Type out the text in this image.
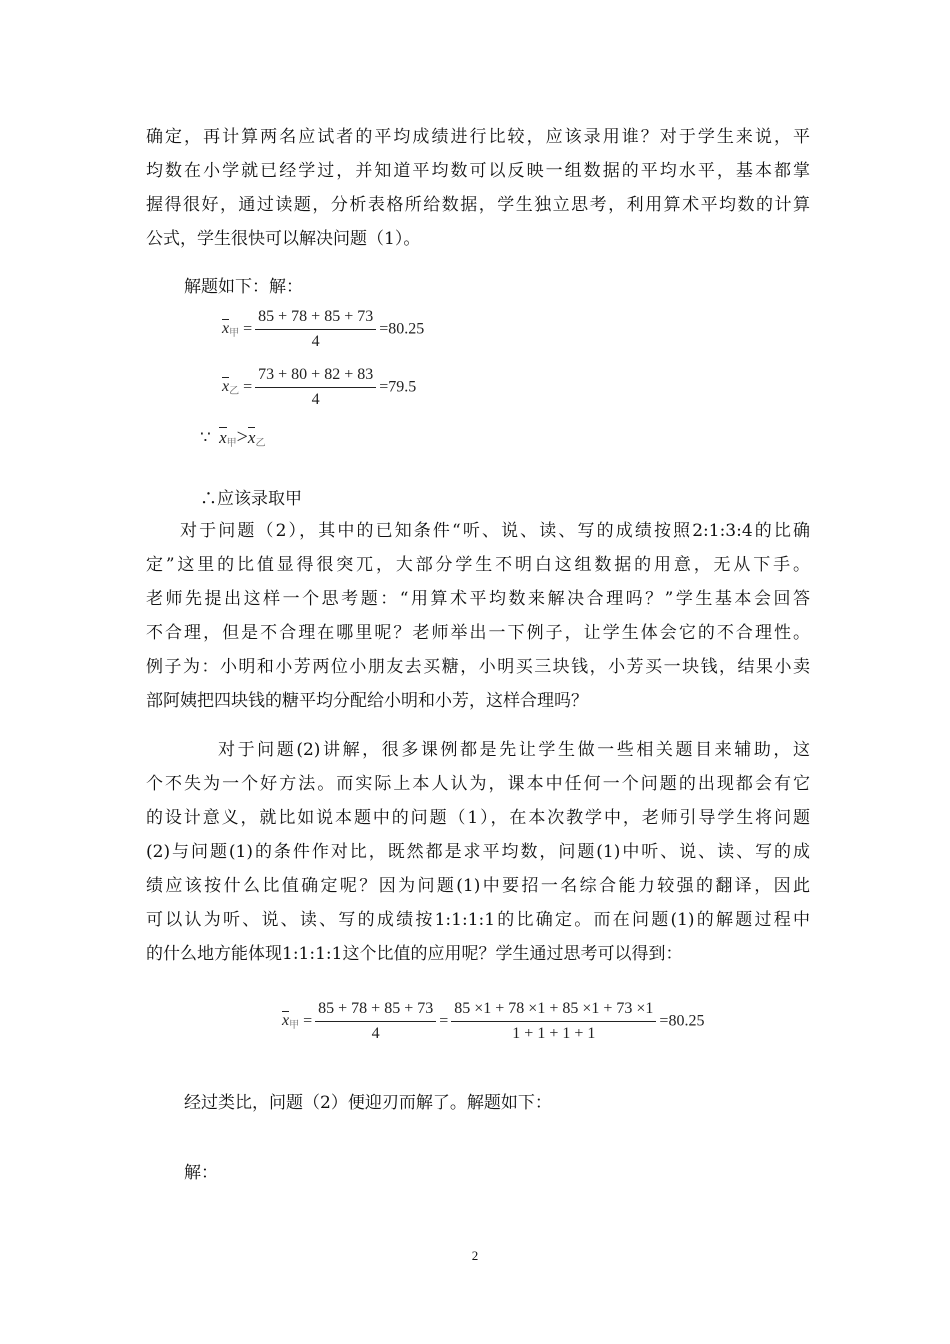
确定，再计算两名应试者的平均成绩进行比较，应该录用谁？对于学生来说，平
均数在小学就已经学过，并知道平均数可以反映一组数据的平均水平，基本都掌
握得很好，通过读题，分析表格所给数据，学生独立思考，利用算术平均数的计算
公式，学生很快可以解决问题（1）。
解题如下：解：
$x_甲 = \frac{85 + 78 + 85 + 73}{4} =80.25$
$x_乙 = \frac{73 + 80 + 82 + 83}{4} =79.5$
∵ $x_甲>x_乙$
∴应该录取甲
对于问题（2），其中的已知条件“听、说、读、写的成绩按照2:1:3:4的比确
定”这里的比值显得很突兀，大部分学生不明白这组数据的用意，无从下手。
老师先提出这样一个思考题：“用算术平均数来解决合理吗？”学生基本会回答
不合理，但是不合理在哪里呢？老师举出一下例子，让学生体会它的不合理性。
例子为：小明和小芳两位小朋友去买糖，小明买三块钱，小芳买一块钱，结果小卖
部阿姨把四块钱的糖平均分配给小明和小芳，这样合理吗？
对于问题(2)讲解，很多课例都是先让学生做一些相关题目来辅助，这
个不失为一个好方法。而实际上本人认为，课本中任何一个问题的出现都会有它
的设计意义，就比如说本题中的问题（1），在本次教学中，老师引导学生将问题
(2)与问题(1)的条件作对比，既然都是求平均数，问题(1)中听、说、读、写的成
绩应该按什么比值确定呢？因为问题(1)中要招一名综合能力较强的翻译，因此
可以认为听、说、读、写的成绩按1:1:1:1的比确定。而在问题(1)的解题过程中
的什么地方能体现1:1:1:1这个比值的应用呢？学生通过思考可以得到：
$x_甲 = \frac{85 + 78 + 85 + 73}{4} = \frac{85 \times 1 + 78 \times 1 + 85 \times 1 + 73 \times 1}{1 + 1 + 1 + 1} =80.25$
经过类比，问题（2）便迎刃而解了。解题如下：
解：
2
